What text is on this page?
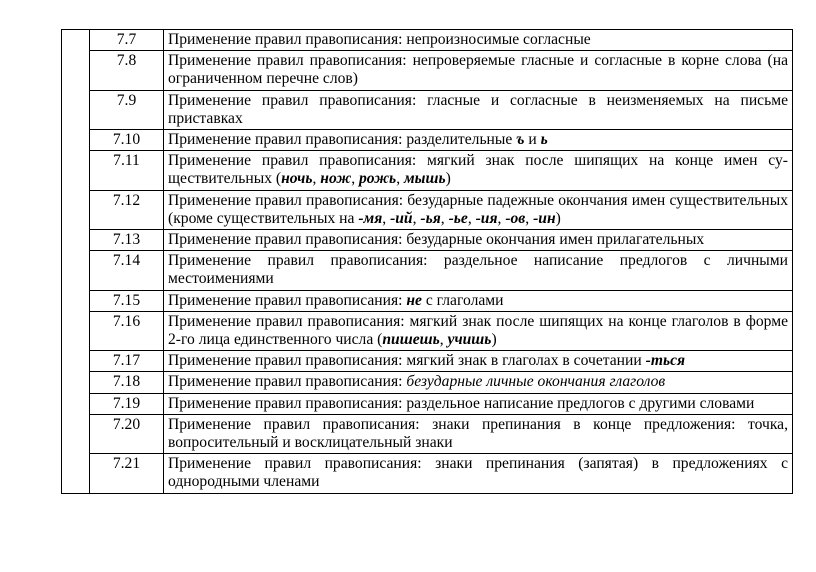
	7.7	Применение правил правописания: непроизносимые согласные
	7.8	Применение правил правописания: непроверяемые гласные и согласные в корне слова (на ограниченном перечне слов)
	7.9	Применение правил правописания: гласные и согласные в неизменяемых на письме приставках
	7.10	Применение правил правописания: разделительные ъ и ь
	7.11	Применение правил правописания: мягкий знак после шипящих на конце имен существительных (ночь, нож, рожь, мышь)
	7.12	Применение правил правописания: безударные падежные окончания имен существительных (кроме существительных на -мя, -ий, -ья, -ье, -ия, -ов, -ин)
	7.13	Применение правил правописания: безударные окончания имен прилагательных
	7.14	Применение правил правописания: раздельное написание предлогов с личными местоимениями
	7.15	Применение правил правописания: не с глаголами
	7.16	Применение правил правописания: мягкий знак после шипящих на конце глаголов в форме 2-го лица единственного числа (пишешь, учишь)
	7.17	Применение правил правописания: мягкий знак в глаголах в сочетании -ться
	7.18	Применение правил правописания: безударные личные окончания глаголов
	7.19	Применение правил правописания: раздельное написание предлогов с другими словами
	7.20	Применение правил правописания: знаки препинания в конце предложения: точка, вопросительный и восклицательный знаки
	7.21	Применение правил правописания: знаки препинания (запятая) в предложениях с однородными членами
